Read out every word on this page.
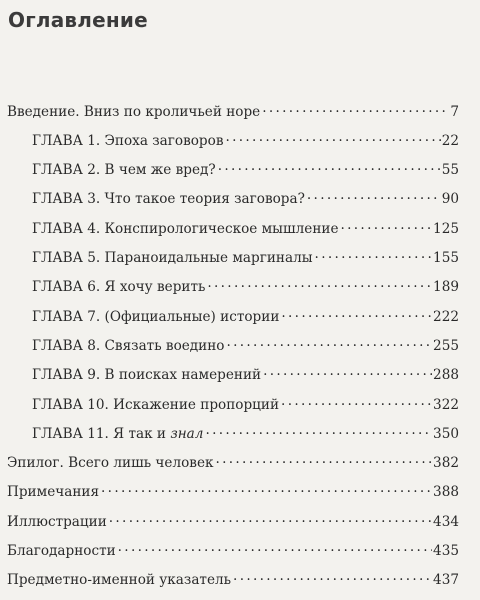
Оглавление
Введение. Вниз по кроличьей норе . . .	7
ГЛАВА 1. Эпоха заговоров . . .	22
ГЛАВА 2. В чем же вред? . . .	55
ГЛАВА 3. Что такое теория заговора? . . .	90
ГЛАВА 4. Конспирологическое мышление . . .	125
ГЛАВА 5. Параноидальные маргиналы . . .	155
ГЛАВА 6. Я хочу верить . . .	189
ГЛАВА 7. (Официальные) истории . . .	222
ГЛАВА 8. Связать воедино . . .	255
ГЛАВА 9. В поисках намерений . . .	288
ГЛАВА 10. Искажение пропорций . . .	322
ГЛАВА 11. Я так и знал . . .	350
Эпилог. Всего лишь человек . . .	382
Примечания . . .	388
Иллюстрации . . .	434
Благодарности . . .	435
Предметно-именной указатель . . .	437
